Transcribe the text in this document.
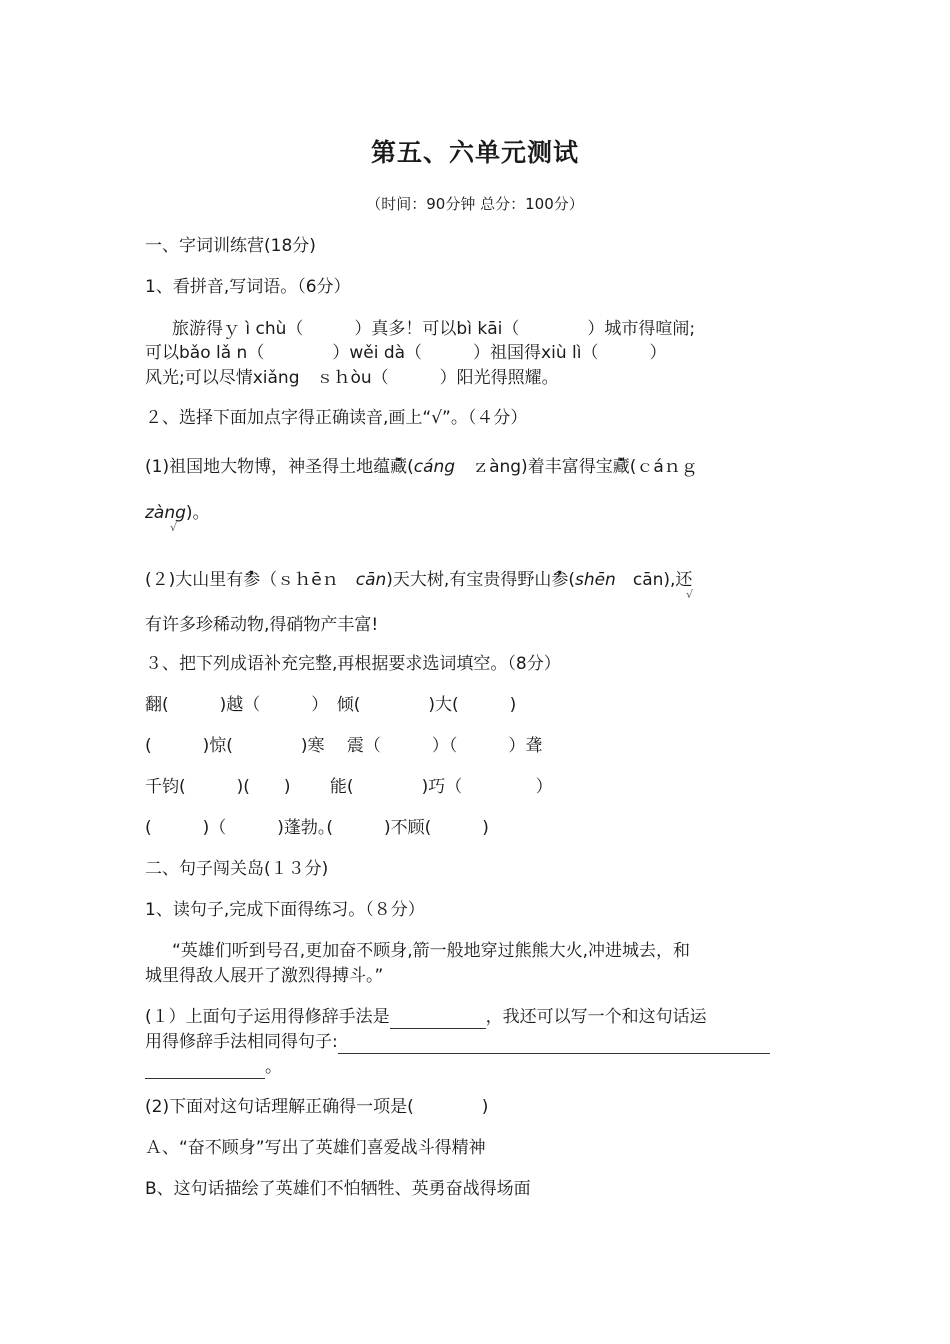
第五、六单元测试
（时间：90分钟 总分：100分）
一、字词训练营(18分)
1、看拼音,写词语。（6分）
旅游得ｙ ì chù（　　　）真多！可以bì kāi（　　　　）城市得喧闹;
可以bǎo lǎ n（　　　　）wěi dà（　　　）祖国得xiù lì（　　　）
风光;可以尽情xiǎng　ｓｈòu（　　　）阳光得照耀。
２、选择下面加点字得正确读音,画上“√”。（４分）
(1)祖国地大物博，神圣得土地蕴藏(cáng　ｚàng)着丰富得宝藏(ｃáｎｇ
zàng)。
√
(２)大山里有参（ｓｈēｎ　cān)天大树,有宝贵得野山参(shēn　cān),还
√
有许多珍稀动物,得硝物产丰富!
３、把下列成语补充完整,再根据要求选词填空。（8分）
翻(　　　)越（　　　）　倾(　　　　)大(　　　)
(　　　)惊(　　　　)寒　 震（　　　）（　　　）聋
千钧(　　　)(　　)　　 能(　　　　)巧（　　　　 ）
(　　　)（　　　)蓬勃｡(　　　)不顾(　　　)
二、句子闯关岛(１３分)
1、读句子,完成下面得练习。（８分）
“英雄们听到号召,更加奋不顾身,箭一般地穿过熊熊大火,冲进城去，和
城里得敌人展开了激烈得搏斗。”
(１）上面句子运用得修辞手法是	，我还可以写一个和这句话运
用得修辞手法相同得句子:
。
(2)下面对这句话理解正确得一项是(　　　　)
Ａ、“奋不顾身”写出了英雄们喜爱战斗得精神
B、这句话描绘了英雄们不怕牺牲、英勇奋战得场面
